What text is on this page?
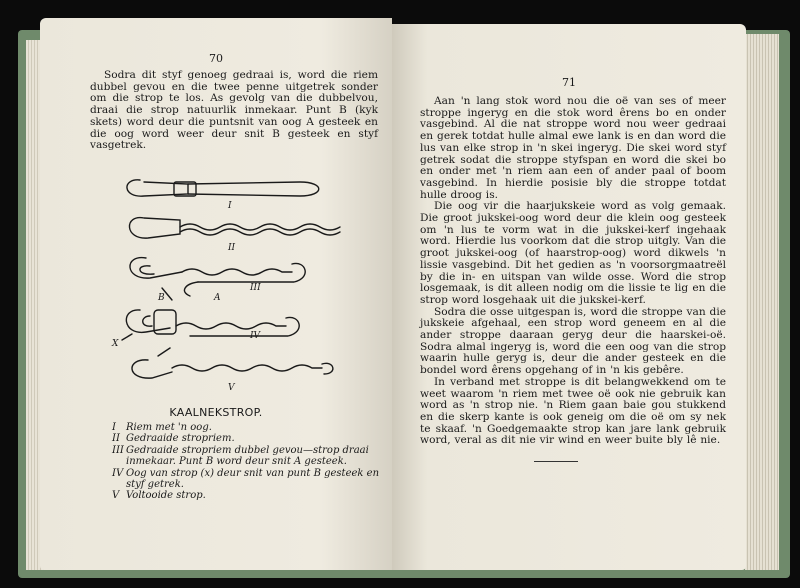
70

Sodra dit styf genoeg gedraai is, word die riem dubbel gevou en die twee penne uitgetrek sonder om die strop te los. As gevolg van die dubbelvou, draai die strop natuurlik inmekaar. Punt B (kyk skets) word deur die puntsnit van oog A gesteek en die oog word weer deur snit B gesteek en styf vasgetrek.

I
II
III
IV
V
A
B
X
KAALNEKSTROP.
I	Riem met 'n oog.
II Gedraaide stropriem.
III Gedraaide stropriem dubbel gevou—strop draai inmekaar. Punt B word deur snit A gesteek.
IV Oog van strop (x) deur snit van punt B gesteek en styf getrek.
V Voltooide strop.
71

Aan 'n lang stok word nou die oë van ses of meer stroppe ingeryg en die stok word êrens bo en onder vasgebind. Al die nat stroppe word nou weer gedraai en gerek totdat hulle almal ewe lank is en dan word die lus van elke strop in 'n skei ingeryg. Die skei word styf getrek sodat die stroppe styfspan en word die skei bo en onder met 'n riem aan een of ander paal of boom vasgebind. In hierdie posisie bly die stroppe totdat hulle droog is.

Die oog vir die haarjukskeie word as volg gemaak. Die groot jukskei-oog word deur die klein oog gesteek om 'n lus te vorm wat in die jukskei-kerf ingehaak word. Hierdie lus voorkom dat die strop uitgly. Van die groot jukskei-oog (of haarstrop-oog) word dikwels 'n lissie vasgebind. Dit het gedien as 'n voorsorgmaatreël by die in- en uitspan van wilde osse. Word die strop losgemaak, is dit alleen nodig om die lissie te lig en die strop word losgehaak uit die jukskei-kerf.

Sodra die osse uitgespan is, word die stroppe van die jukskeie afgehaal, een strop word geneem en al die ander stroppe daaraan geryg deur die haarskei-oë. Sodra almal ingeryg is, word die een oog van die strop waarin hulle geryg is, deur die ander gesteek en die bondel word êrens opgehang of in 'n kis gebêre.

In verband met stroppe is dit belangwekkend om te weet waarom 'n riem met twee oë ook nie gebruik kan word as 'n strop nie. 'n Riem gaan baie gou stukkend en die skerp kante is ook geneig om die oë om sy nek te skaaf. 'n Goedgemaakte strop kan jare lank gebruik word, veral as dit nie vir wind en weer buite bly lê nie.
